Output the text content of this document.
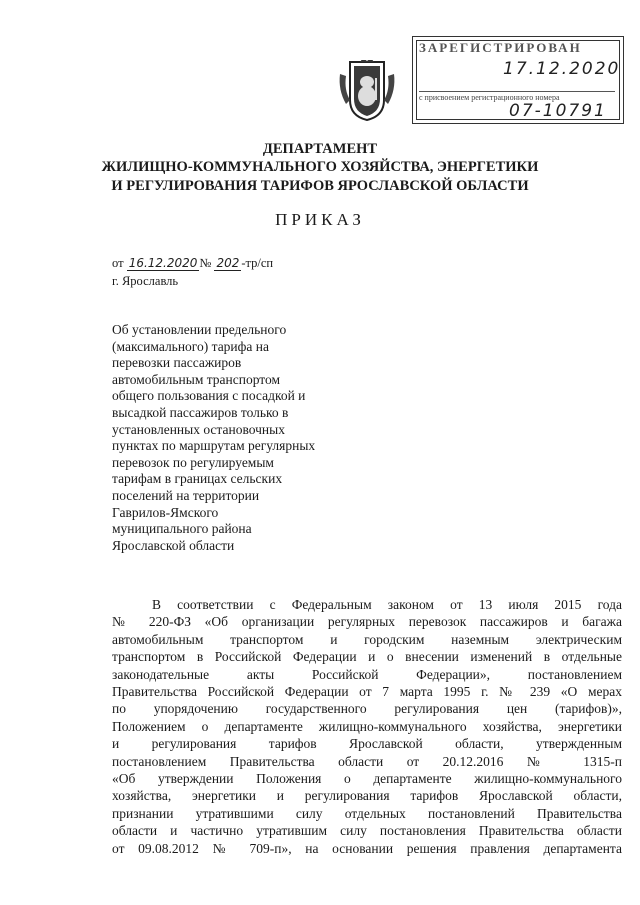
ЗАРЕГИСТРИРОВАН
17.12.2020
с присвоением регистрационного номера
07-10791
ДЕПАРТАМЕНТ
ЖИЛИЩНО-КОММУНАЛЬНОГО ХОЗЯЙСТВА, ЭНЕРГЕТИКИ
И РЕГУЛИРОВАНИЯ ТАРИФОВ ЯРОСЛАВСКОЙ ОБЛАСТИ
ПРИКАЗ
от 16.12.2020 № 202 -тр/сп
г. Ярославль
Об установлении предельного
(максимального) тарифа на
перевозки пассажиров
автомобильным транспортом
общего пользования с посадкой и
высадкой пассажиров только в
установленных остановочных
пунктах по маршрутам регулярных
перевозок по регулируемым
тарифам в границах сельских
поселений на территории
Гаврилов-Ямского
муниципального района
Ярославской области
В соответствии с Федеральным законом от 13 июля 2015 года
№ 220-ФЗ «Об организации регулярных перевозок пассажиров и багажа
автомобильным транспортом и городским наземным электрическим
транспортом в Российской Федерации и о внесении изменений в отдельные
законодательные акты Российской Федерации», постановлением
Правительства Российской Федерации от 7 марта 1995 г. № 239 «О мерах
по упорядочению государственного регулирования цен (тарифов)»,
Положением о департаменте жилищно-коммунального хозяйства, энергетики
и регулирования тарифов Ярославской области, утвержденным
постановлением Правительства области от 20.12.2016 № 1315-п
«Об утверждении Положения о департаменте жилищно-коммунального
хозяйства, энергетики и регулирования тарифов Ярославской области,
признании утратившими силу отдельных постановлений Правительства
области и частично утратившим силу постановления Правительства области
от 09.08.2012 № 709-п», на основании решения правления департамента
